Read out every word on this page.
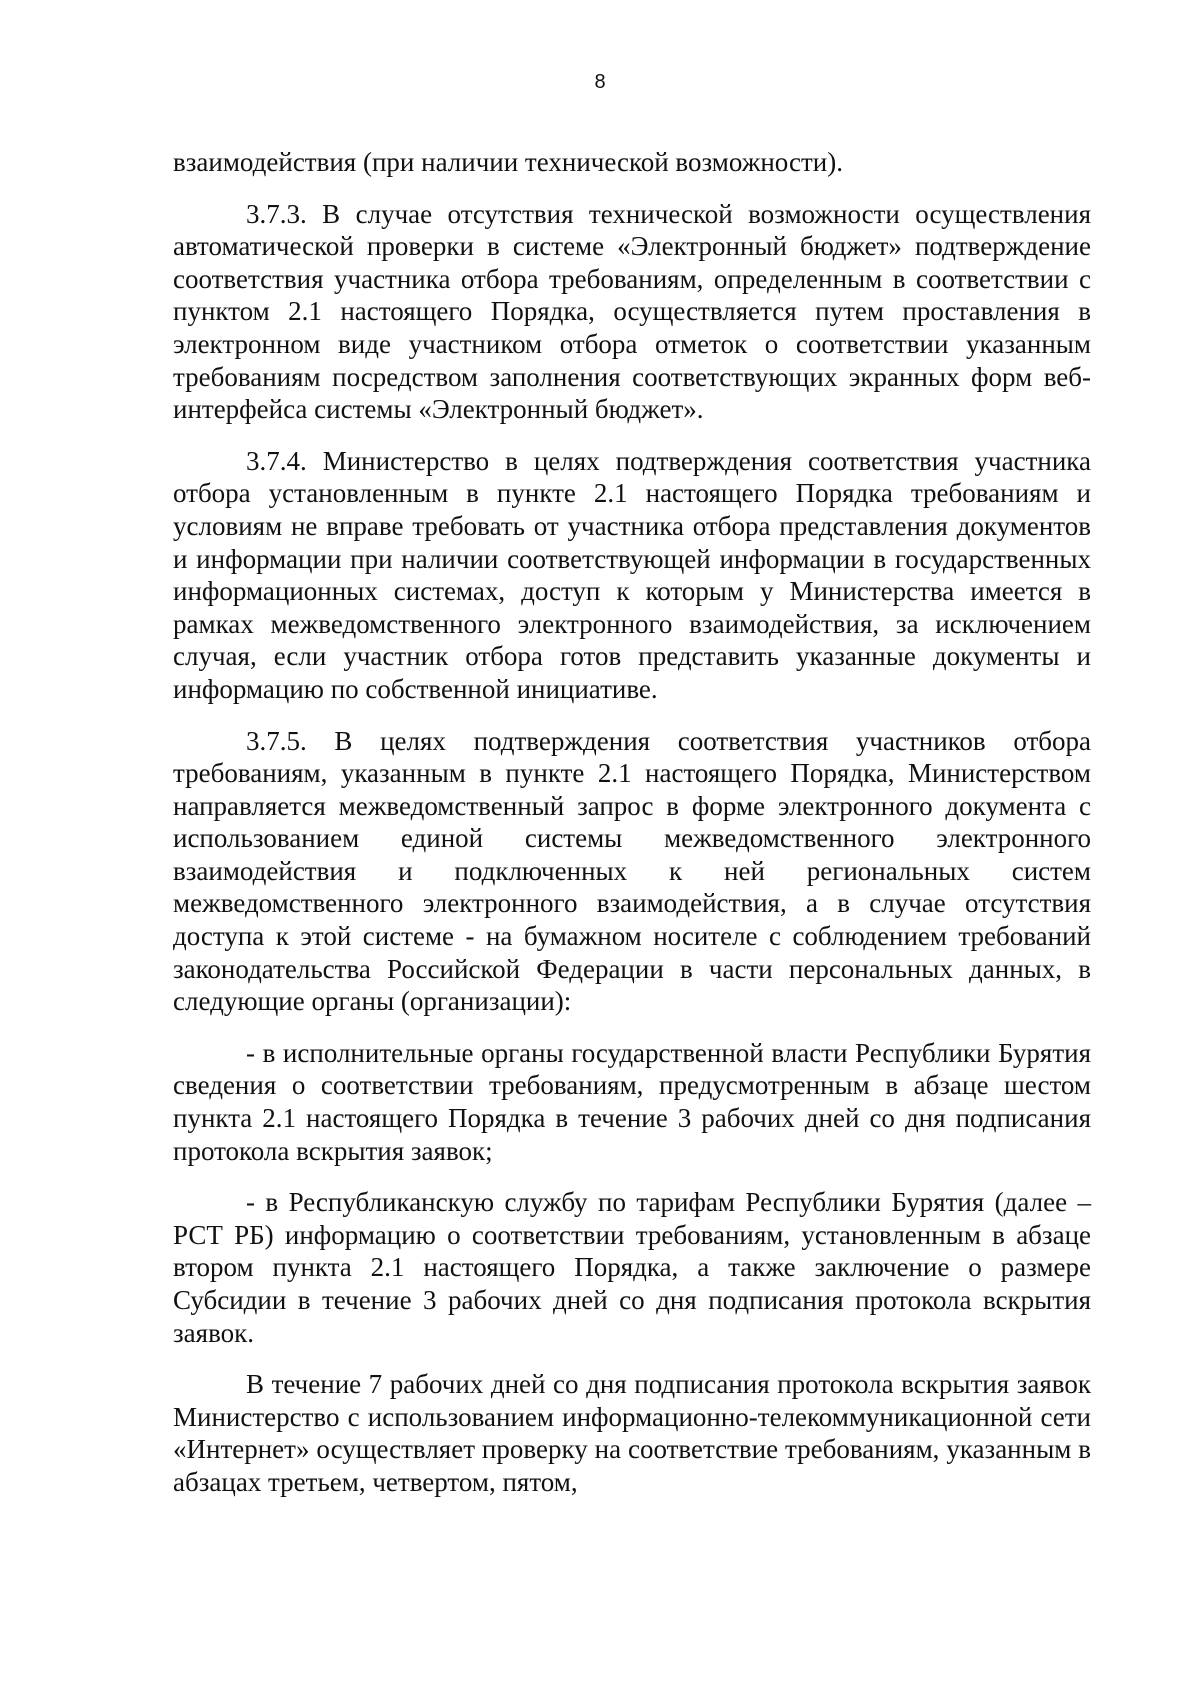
8

взаимодействия (при наличии технической возможности).

3.7.3. В случае отсутствия технической возможности осуществления автоматической проверки в системе «Электронный бюджет» подтверждение соответствия участника отбора требованиям, определенным в соответствии с пунктом 2.1 настоящего Порядка, осуществляется путем проставления в электронном виде участником отбора отметок о соответствии указанным требованиям посредством заполнения соответствующих экранных форм веб-интерфейса системы «Электронный бюджет».

3.7.4. Министерство в целях подтверждения соответствия участника отбора установленным в пункте 2.1 настоящего Порядка требованиям и условиям не вправе требовать от участника отбора представления документов и информации при наличии соответствующей информации в государственных информационных системах, доступ к которым у Министерства имеется в рамках межведомственного электронного взаимодействия, за исключением случая, если участник отбора готов представить указанные документы и информацию по собственной инициативе.

3.7.5. В целях подтверждения соответствия участников отбора требованиям, указанным в пункте 2.1 настоящего Порядка, Министерством направляется межведомственный запрос в форме электронного документа с использованием единой системы межведомственного электронного взаимодействия и подключенных к ней региональных систем межведомственного электронного взаимодействия, а в случае отсутствия доступа к этой системе - на бумажном носителе с соблюдением требований законодательства Российской Федерации в части персональных данных, в следующие органы (организации):

- в исполнительные органы государственной власти Республики Бурятия сведения о соответствии требованиям, предусмотренным в абзаце шестом пункта 2.1 настоящего Порядка в течение 3 рабочих дней со дня подписания протокола вскрытия заявок;

- в Республиканскую службу по тарифам Республики Бурятия (далее – РСТ РБ) информацию о соответствии требованиям, установленным в абзаце втором пункта 2.1 настоящего Порядка, а также заключение о размере Субсидии в течение 3 рабочих дней со дня подписания протокола вскрытия заявок.

В течение 7 рабочих дней со дня подписания протокола вскрытия заявок Министерство с использованием информационно-телекоммуникационной сети «Интернет» осуществляет проверку на соответствие требованиям, указанным в абзацах третьем, четвертом, пятом,
